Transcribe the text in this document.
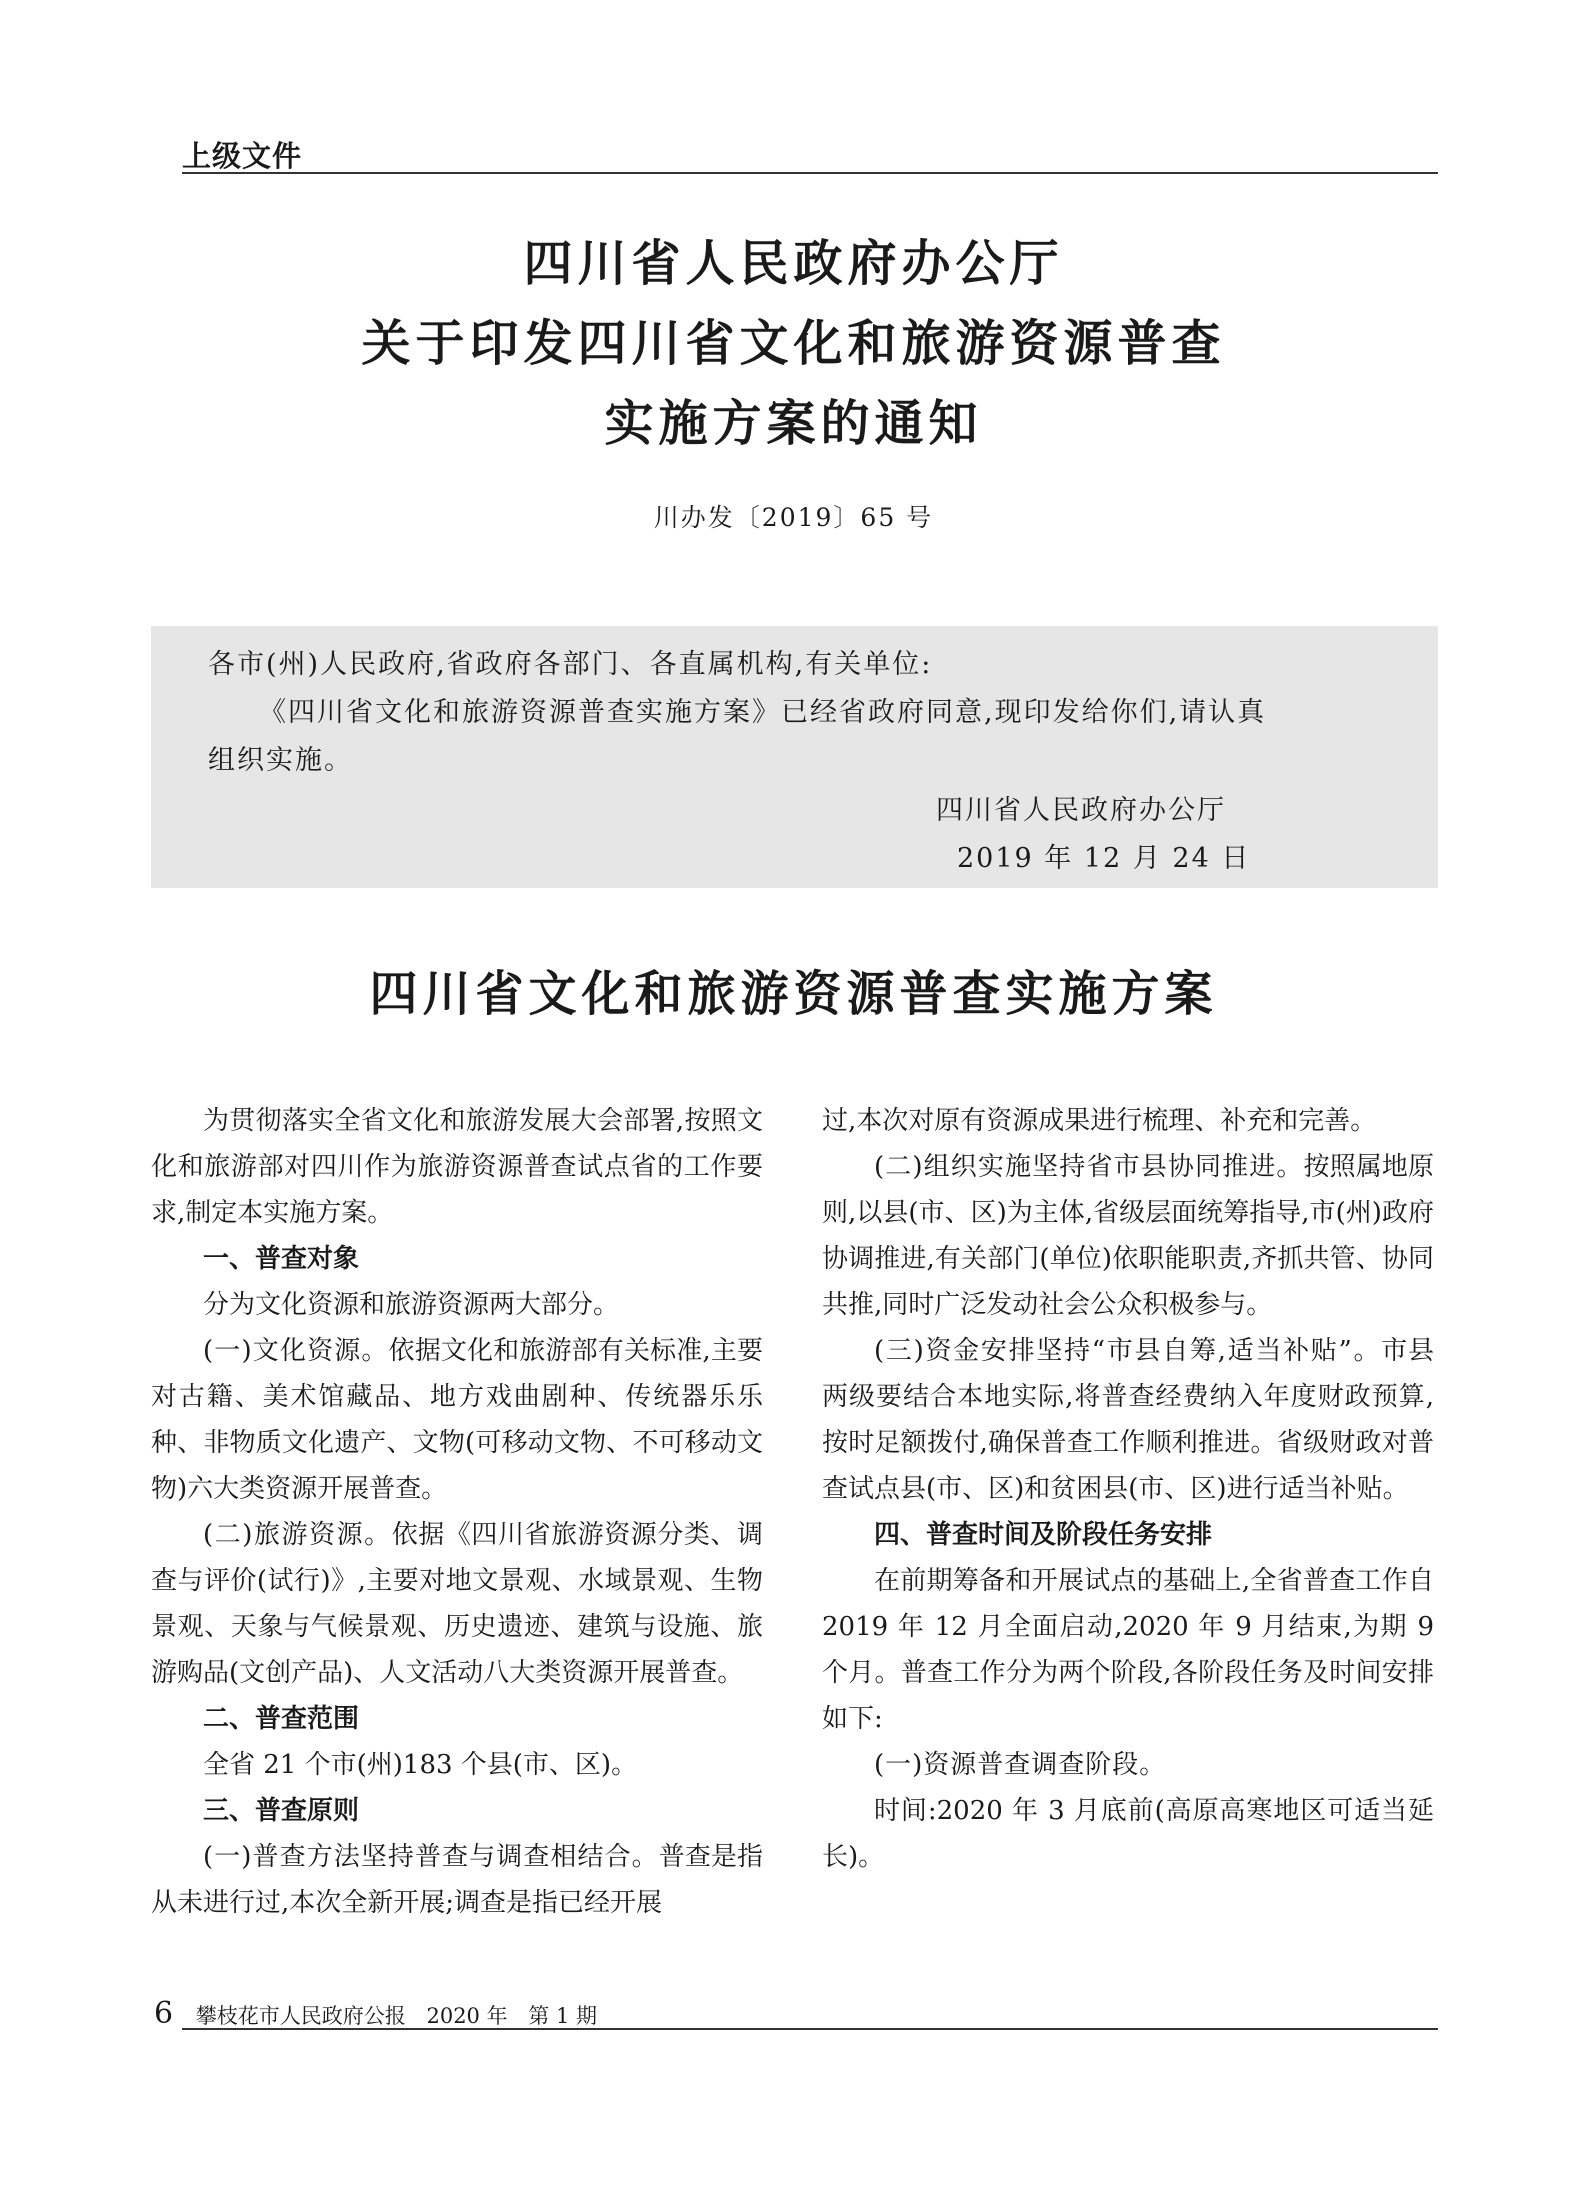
上级文件
四川省人民政府办公厅
关于印发四川省文化和旅游资源普查
实施方案的通知
川办发〔2019〕65 号
各市(州)人民政府,省政府各部门、各直属机构,有关单位:
《四川省文化和旅游资源普查实施方案》已经省政府同意,现印发给你们,请认真
组织实施。
四川省人民政府办公厅
2019 年 12 月 24 日
四川省文化和旅游资源普查实施方案

为贯彻落实全省文化和旅游发展大会部署,按照文化和旅游部对四川作为旅游资源普查试点省的工作要求,制定本实施方案。

一、普查对象

分为文化资源和旅游资源两大部分。

(一)文化资源。依据文化和旅游部有关标准,主要对古籍、美术馆藏品、地方戏曲剧种、传统器乐乐种、非物质文化遗产、文物(可移动文物、不可移动文物)六大类资源开展普查。

(二)旅游资源。依据《四川省旅游资源分类、调查与评价(试行)》,主要对地文景观、水域景观、生物景观、天象与气候景观、历史遗迹、建筑与设施、旅游购品(文创产品)、人文活动八大类资源开展普查。

二、普查范围

全省 21 个市(州)183 个县(市、区)。

三、普查原则

(一)普查方法坚持普查与调查相结合。普查是指从未进行过,本次全新开展;调查是指已经开展

过,本次对原有资源成果进行梳理、补充和完善。

(二)组织实施坚持省市县协同推进。按照属地原则,以县(市、区)为主体,省级层面统筹指导,市(州)政府协调推进,有关部门(单位)依职能职责,齐抓共管、协同共推,同时广泛发动社会公众积极参与。

(三)资金安排坚持“市县自筹,适当补贴”。市县两级要结合本地实际,将普查经费纳入年度财政预算,按时足额拨付,确保普查工作顺利推进。省级财政对普查试点县(市、区)和贫困县(市、区)进行适当补贴。

四、普查时间及阶段任务安排

在前期筹备和开展试点的基础上,全省普查工作自 2019 年 12 月全面启动,2020 年 9 月结束,为期 9 个月。普查工作分为两个阶段,各阶段任务及时间安排如下:

(一)资源普查调查阶段。

时间:2020 年 3 月底前(高原高寒地区可适当延长)。

6 攀枝花市人民政府公报 2020 年 第 1 期
